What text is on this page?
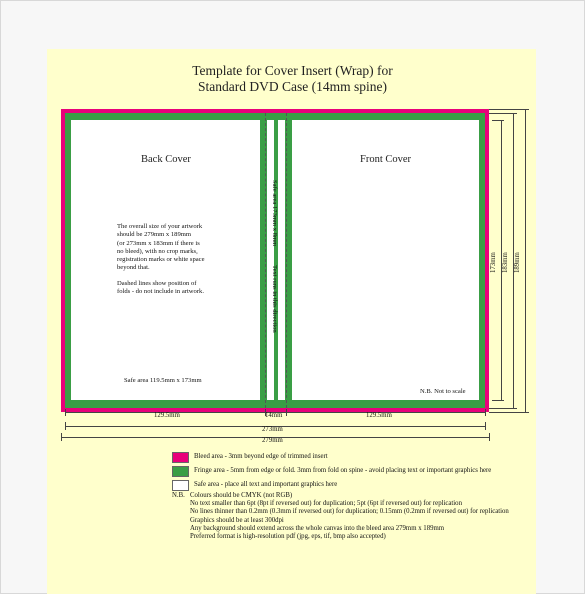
Template for Cover Insert (Wrap) for
Standard DVD Case (14mm spine)
Back Cover	Front Cover
The overall size of your artwork
should be 279mm x 189mm
(or 273mm x 183mm if there is
no bleed), with no crop marks,
registration marks or white space
beyond that.
Dashed lines show position of
folds - do not include in artwork.
Safe area 119.5mm x 173mm
N.B. Not to scale
Safe area 173mm x 8mm
Text runs in this direction
129.5mm	14mm	129.5mm
273mm
279mm
173mm 183mm 189mm
Bleed area - 3mm beyond edge of trimmed insert
Fringe area - 5mm from edge or fold. 3mm from fold on spine - avoid placing text or important graphics here
Safe area - place all text and important graphics here
N.B. Colours should be CMYK (not RGB)
No text smaller than 6pt (8pt if reversed out) for duplication; 5pt (6pt if reversed out) for replication
No lines thinner than 0.2mm (0.3mm if reversed out) for duplication; 0.15mm (0.2mm if reversed out) for replication
Graphics should be at least 300dpi
Any background should extend across the whole canvas into the bleed area 279mm x 189mm
Preferred format is high-resolution pdf (jpg, eps, tif, bmp also accepted)
